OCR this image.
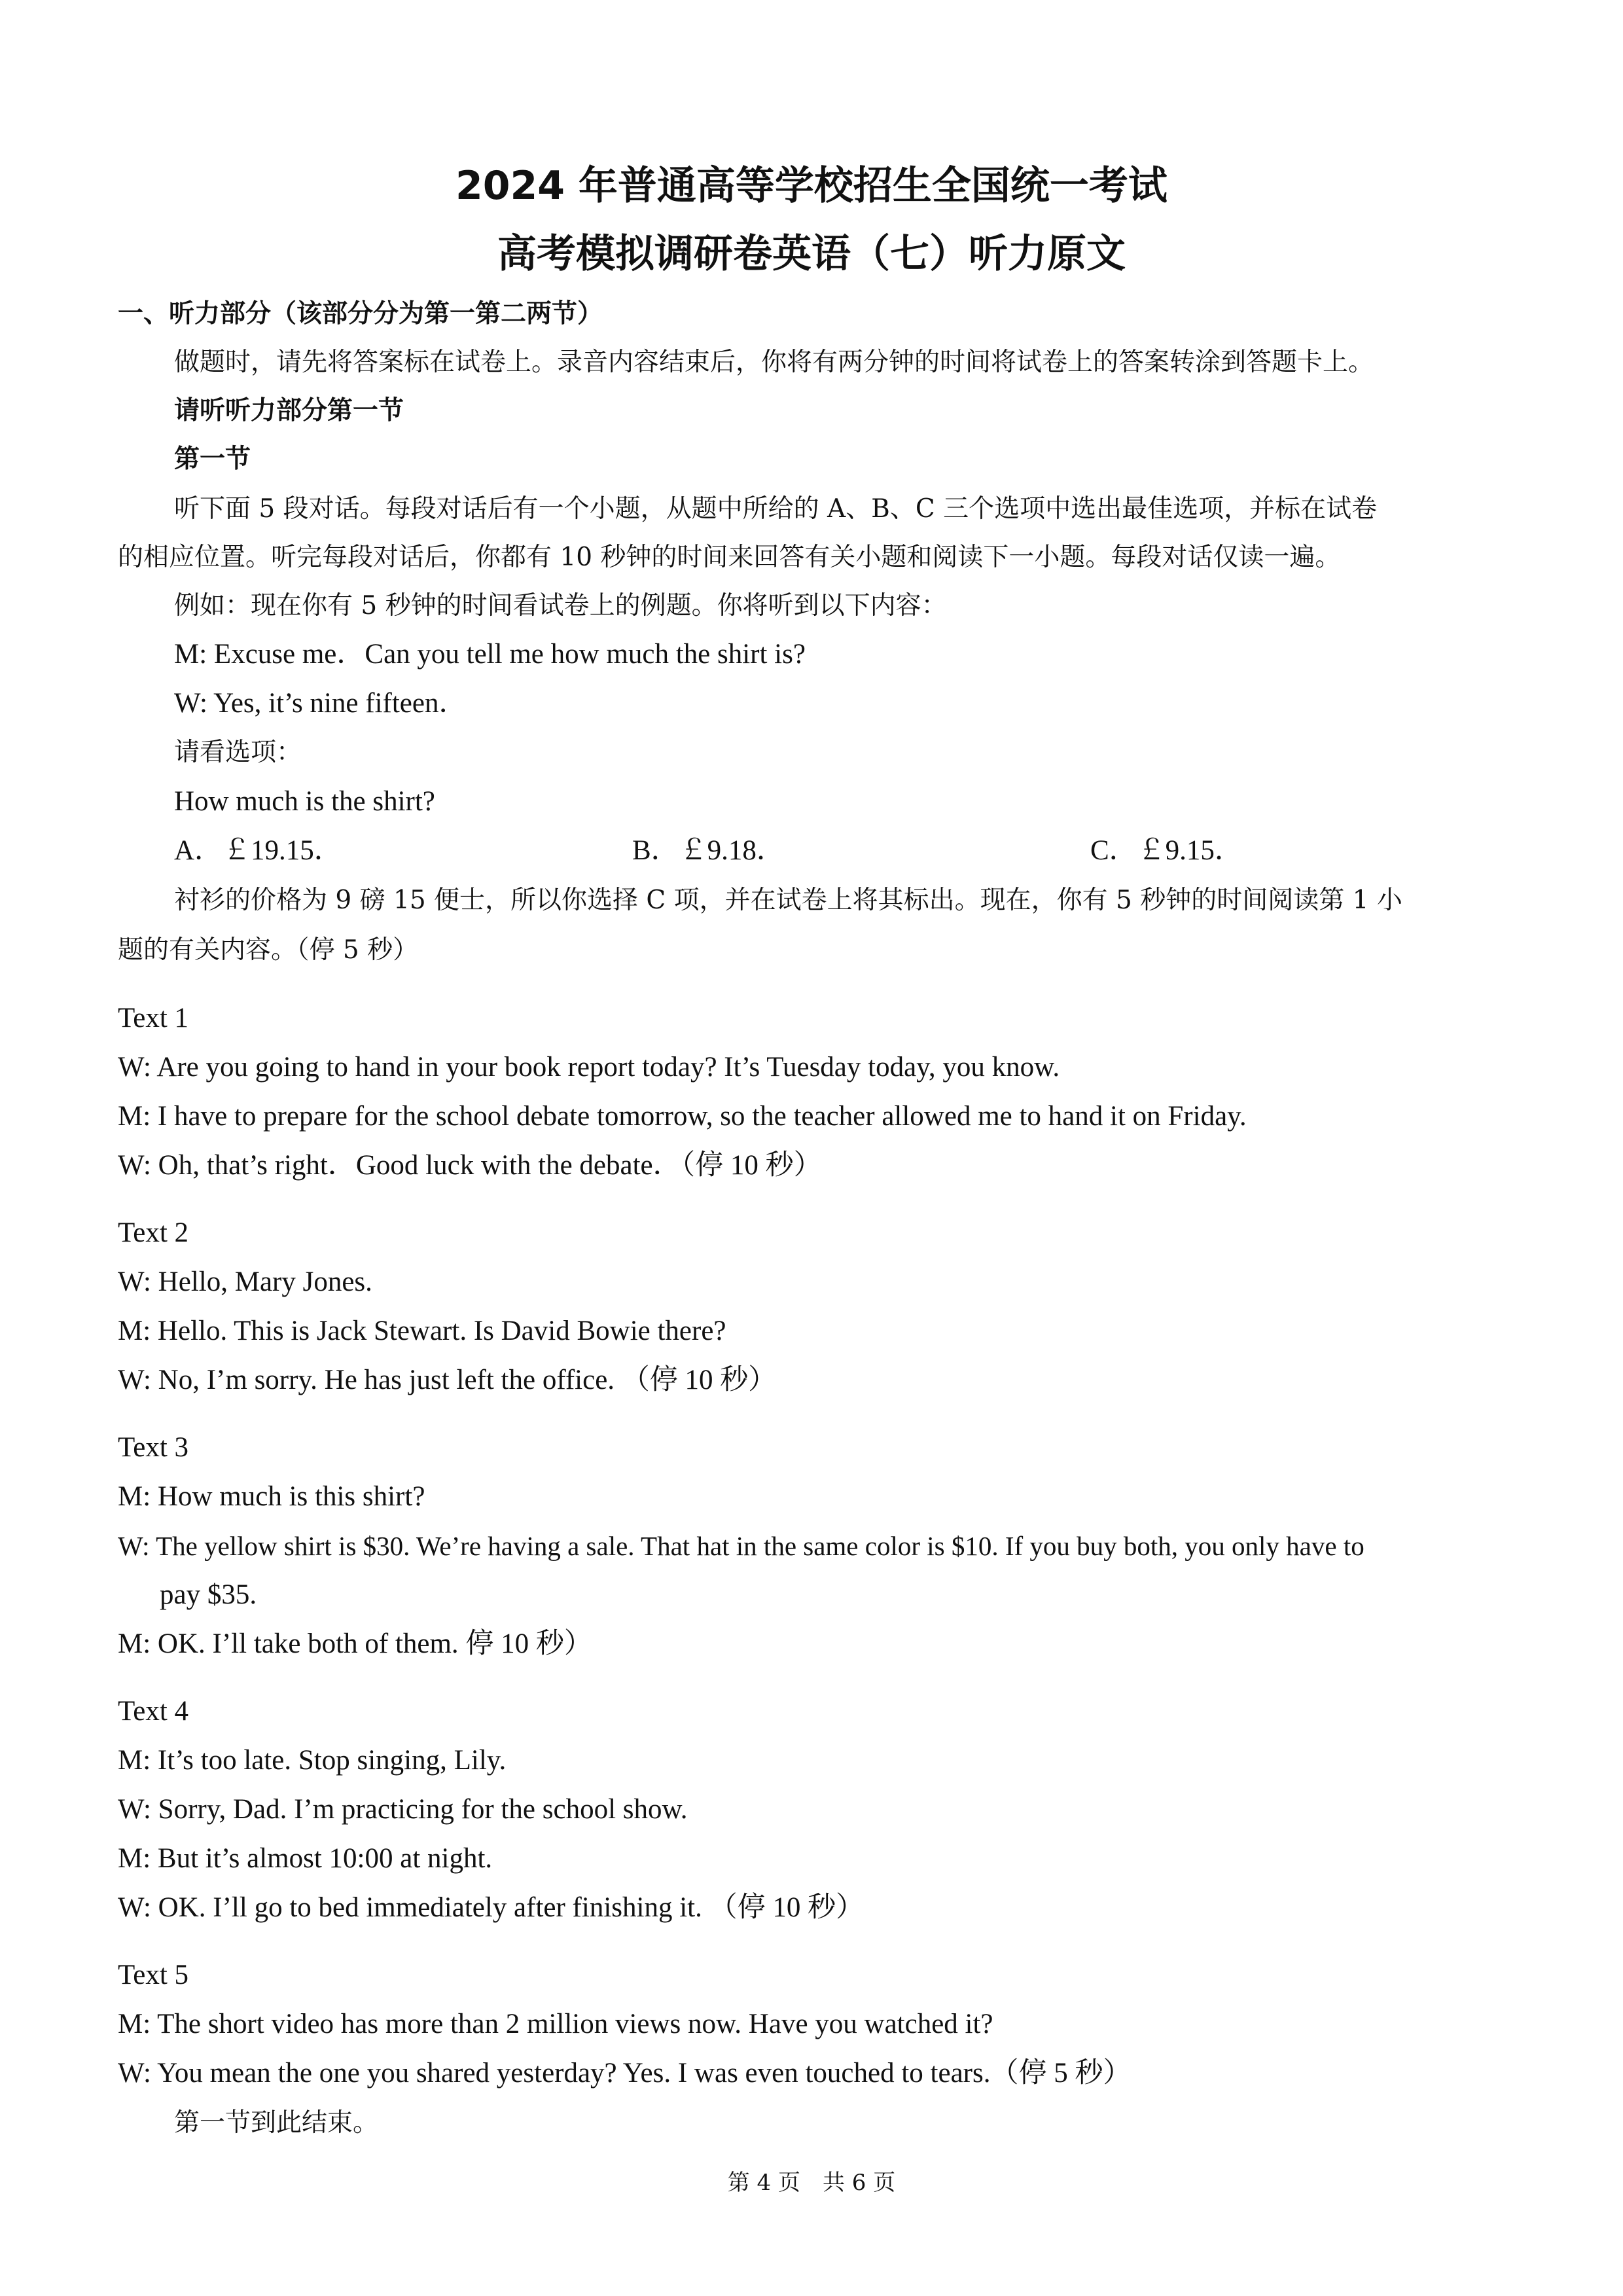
2024 年普通高等学校招生全国统一考试
高考模拟调研卷英语（七）听力原文
一、听力部分（该部分分为第一第二两节）
做题时，请先将答案标在试卷上。录音内容结束后，你将有两分钟的时间将试卷上的答案转涂到答题卡上。
请听听力部分第一节
第一节
听下面 5 段对话。每段对话后有一个小题，从题中所给的 A、B、C 三个选项中选出最佳选项，并标在试卷
的相应位置。听完每段对话后，你都有 10 秒钟的时间来回答有关小题和阅读下一小题。每段对话仅读一遍。
例如：现在你有 5 秒钟的时间看试卷上的例题。你将听到以下内容：
M: Excuse me．Can you tell me how much the shirt is?
W: Yes, it’s nine fifteen．
请看选项：
How much is the shirt?
A．￡19.15．	B．￡9.18．	C．￡9.15．
衬衫的价格为 9 磅 15 便士，所以你选择 C 项，并在试卷上将其标出。现在，你有 5 秒钟的时间阅读第 1 小
题的有关内容。（停 5 秒）
Text 1
W: Are you going to hand in your book report today? It’s Tuesday today, you know.
M: I have to prepare for the school debate tomorrow, so the teacher allowed me to hand it on Friday.
W: Oh, that’s right．Good luck with the debate．（停 10 秒）
Text 2
W: Hello, Mary Jones.
M: Hello. This is Jack Stewart. Is David Bowie there?
W: No, I’m sorry. He has just left the office. （停 10 秒）
Text 3
M: How much is this shirt?
W: The yellow shirt is $30. We’re having a sale. That hat in the same color is $10. If you buy both, you only have to
pay $35.
M: OK. I’ll take both of them. 停 10 秒）
Text 4
M: It’s too late. Stop singing, Lily.
W: Sorry, Dad. I’m practicing for the school show.
M: But it’s almost 10:00 at night.
W: OK. I’ll go to bed immediately after finishing it. （停 10 秒）
Text 5
M: The short video has more than 2 million views now. Have you watched it?
W: You mean the one you shared yesterday? Yes. I was even touched to tears.（停 5 秒）
第一节到此结束。
第 4 页　共 6 页
